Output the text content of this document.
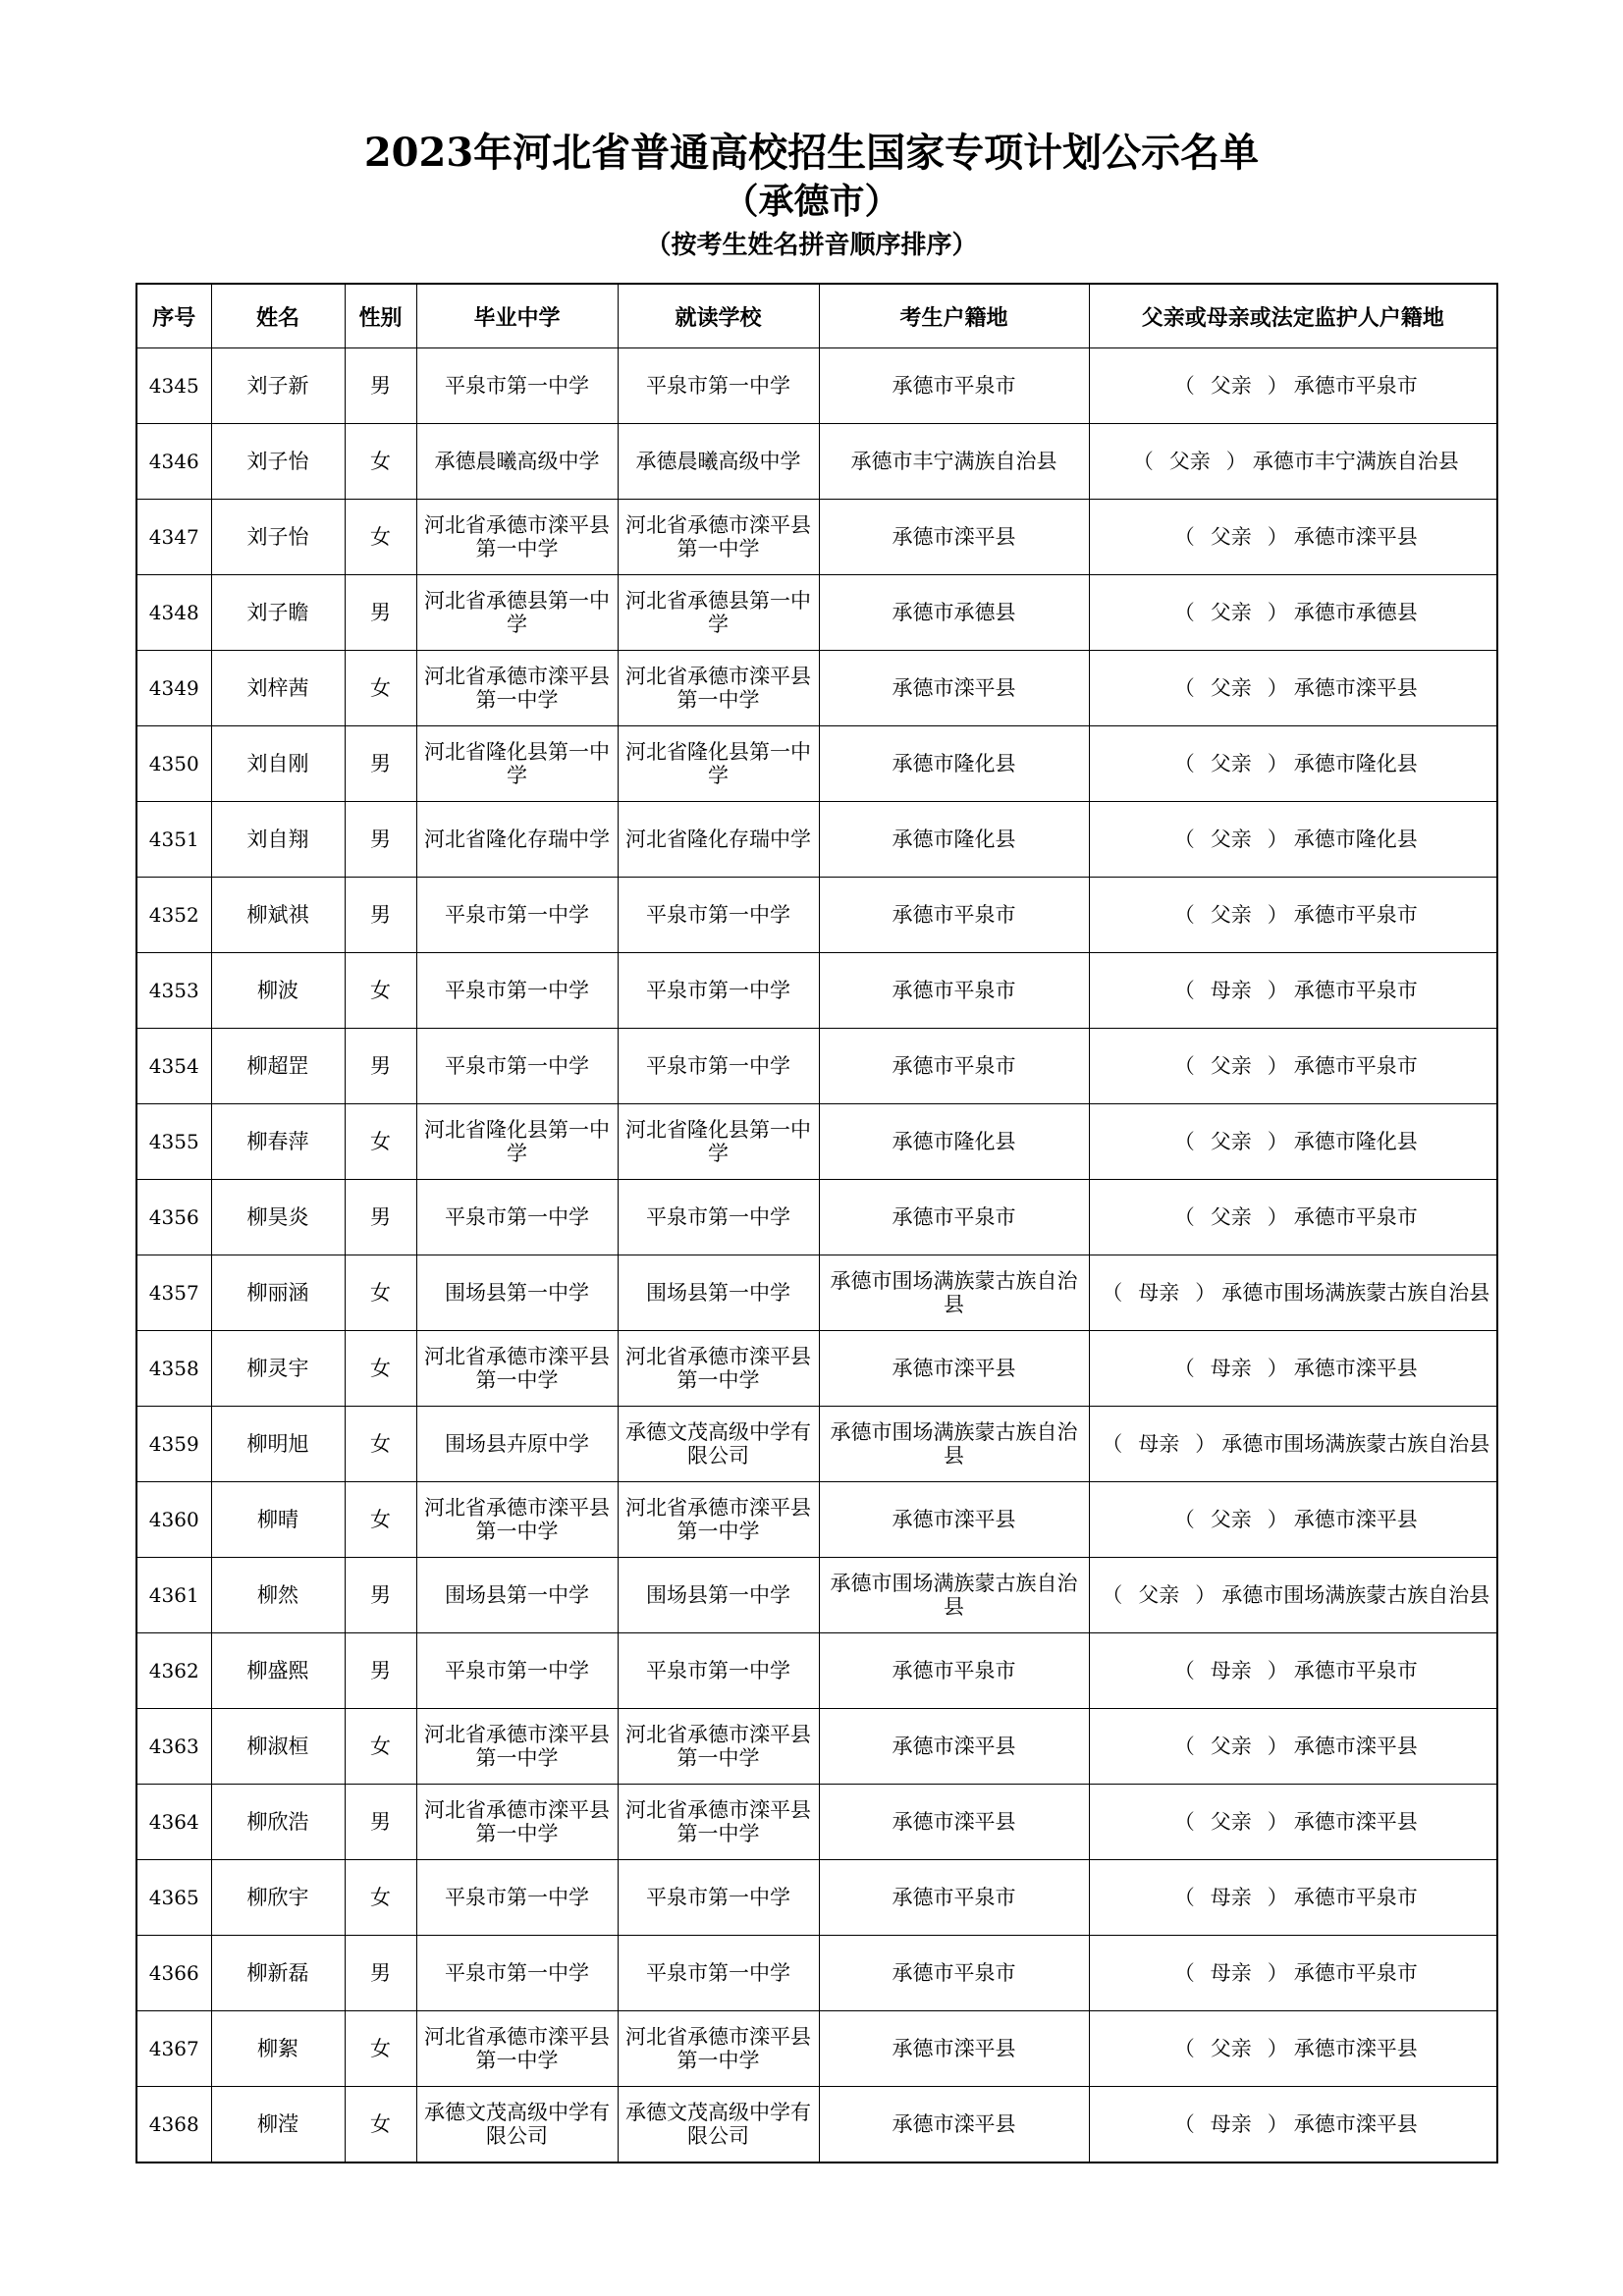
2023年河北省普通高校招生国家专项计划公示名单
（承德市）
（按考生姓名拼音顺序排序）
序号	姓名	性别	毕业中学	就读学校	考生户籍地	父亲或母亲或法定监护人户籍地
4345	刘子新	男	平泉市第一中学	平泉市第一中学	承德市平泉市	（ 父亲 ） 承德市平泉市
4346	刘子怡	女	承德晨曦高级中学	承德晨曦高级中学	承德市丰宁满族自治县	（ 父亲 ） 承德市丰宁满族自治县
4347	刘子怡	女	河北省承德市滦平县第一中学	河北省承德市滦平县第一中学	承德市滦平县	（ 父亲 ） 承德市滦平县
4348	刘子瞻	男	河北省承德县第一中学	河北省承德县第一中学	承德市承德县	（ 父亲 ） 承德市承德县
4349	刘梓茜	女	河北省承德市滦平县第一中学	河北省承德市滦平县第一中学	承德市滦平县	（ 父亲 ） 承德市滦平县
4350	刘自刚	男	河北省隆化县第一中学	河北省隆化县第一中学	承德市隆化县	（ 父亲 ） 承德市隆化县
4351	刘自翔	男	河北省隆化存瑞中学	河北省隆化存瑞中学	承德市隆化县	（ 父亲 ） 承德市隆化县
4352	柳斌祺	男	平泉市第一中学	平泉市第一中学	承德市平泉市	（ 父亲 ） 承德市平泉市
4353	柳波	女	平泉市第一中学	平泉市第一中学	承德市平泉市	（ 母亲 ） 承德市平泉市
4354	柳超罡	男	平泉市第一中学	平泉市第一中学	承德市平泉市	（ 父亲 ） 承德市平泉市
4355	柳春萍	女	河北省隆化县第一中学	河北省隆化县第一中学	承德市隆化县	（ 父亲 ） 承德市隆化县
4356	柳昊炎	男	平泉市第一中学	平泉市第一中学	承德市平泉市	（ 父亲 ） 承德市平泉市
4357	柳丽涵	女	围场县第一中学	围场县第一中学	承德市围场满族蒙古族自治县	（ 母亲 ） 承德市围场满族蒙古族自治县
4358	柳灵宇	女	河北省承德市滦平县第一中学	河北省承德市滦平县第一中学	承德市滦平县	（ 母亲 ） 承德市滦平县
4359	柳明旭	女	围场县卉原中学	承德文茂高级中学有限公司	承德市围场满族蒙古族自治县	（ 母亲 ） 承德市围场满族蒙古族自治县
4360	柳晴	女	河北省承德市滦平县第一中学	河北省承德市滦平县第一中学	承德市滦平县	（ 父亲 ） 承德市滦平县
4361	柳然	男	围场县第一中学	围场县第一中学	承德市围场满族蒙古族自治县	（ 父亲 ） 承德市围场满族蒙古族自治县
4362	柳盛熙	男	平泉市第一中学	平泉市第一中学	承德市平泉市	（ 母亲 ） 承德市平泉市
4363	柳淑桓	女	河北省承德市滦平县第一中学	河北省承德市滦平县第一中学	承德市滦平县	（ 父亲 ） 承德市滦平县
4364	柳欣浩	男	河北省承德市滦平县第一中学	河北省承德市滦平县第一中学	承德市滦平县	（ 父亲 ） 承德市滦平县
4365	柳欣宇	女	平泉市第一中学	平泉市第一中学	承德市平泉市	（ 母亲 ） 承德市平泉市
4366	柳新磊	男	平泉市第一中学	平泉市第一中学	承德市平泉市	（ 母亲 ） 承德市平泉市
4367	柳絮	女	河北省承德市滦平县第一中学	河北省承德市滦平县第一中学	承德市滦平县	（ 父亲 ） 承德市滦平县
4368	柳滢	女	承德文茂高级中学有限公司	承德文茂高级中学有限公司	承德市滦平县	（ 母亲 ） 承德市滦平县
